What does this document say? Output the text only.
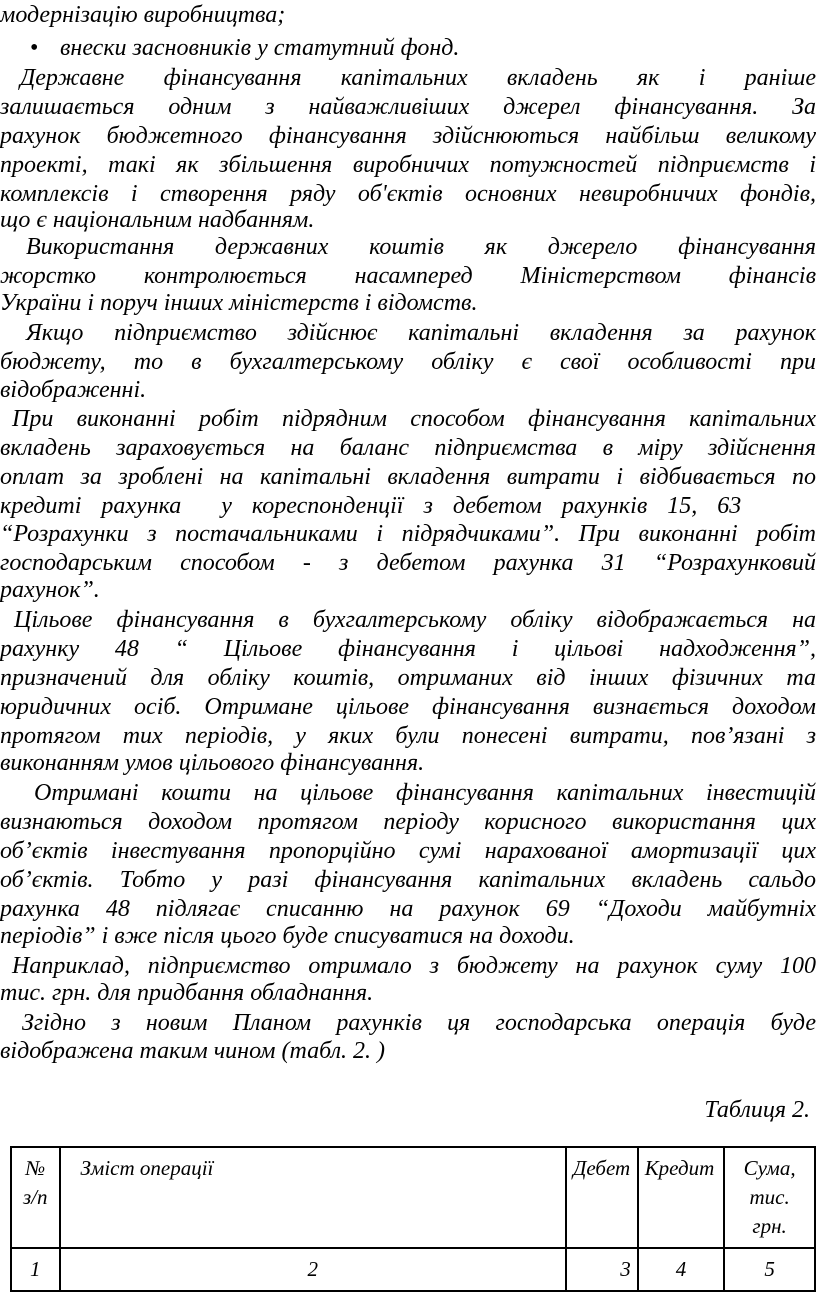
модернізацію виробництва;
• внески засновників у статутний фонд.
Державне фінансування капітальних вкладень як і раніше
залишається одним з найважливіших джерел фінансування. За
рахунок бюджетного фінансування здійснюються найбільш великому
проекті, такі як збільшення виробничих потужностей підприємств і
комплексів і створення ряду об'єктів основних невиробничих фондів,
що є національним надбанням.
Використання державних коштів як джерело фінансування
жорстко контролюється насамперед Міністерством фінансів
України і поруч інших міністерств і відомств.
Якщо підприємство здійснює капітальні вкладення за рахунок
бюджету, то в бухгалтерському обліку є свої особливості при
відображенні.
При виконанні робіт підрядним способом фінансування капітальних
вкладень зараховується на баланс підприємства в міру здійснення
оплат за зроблені на капітальні вкладення витрати і відбивається по
кредиті рахунка  у кореспонденції з дебетом рахунків 15, 63
“Розрахунки з постачальниками і підрядчиками”. При виконанні робіт
господарським способом - з дебетом рахунка 31 “Розрахунковий
рахунок”.
Цільове фінансування в бухгалтерському обліку відображається на
рахунку 48 “ Цільове фінансування і цільові надходження”,
призначений для обліку коштів, отриманих від інших фізичних та
юридичних осіб. Отримане цільове фінансування визнається доходом
протягом тих періодів, у яких були понесені витрати, пов’язані з
виконанням умов цільового фінансування.
Отримані кошти на цільове фінансування капітальних інвестицій
визнаються доходом протягом періоду корисного використання цих
об’єктів інвестування пропорційно сумі нарахованої амортизації цих
об’єктів. Тобто у разі фінансування капітальних вкладень сальдо
рахунка 48 підлягає списанню на рахунок 69 “Доходи майбутніх
періодів” і вже після цього буде списуватися на доходи.
Наприклад, підприємство отримало з бюджету на рахунок суму 100
тис. грн. для придбання обладнання.
Згідно з новим Планом рахунків ця господарська операція буде
відображена таким чином (табл. 2. )
Таблиця 2.
№ з/п	Зміст операції	Дебет	Кредит	Сума, тис. грн.
1	2	3	4	5
